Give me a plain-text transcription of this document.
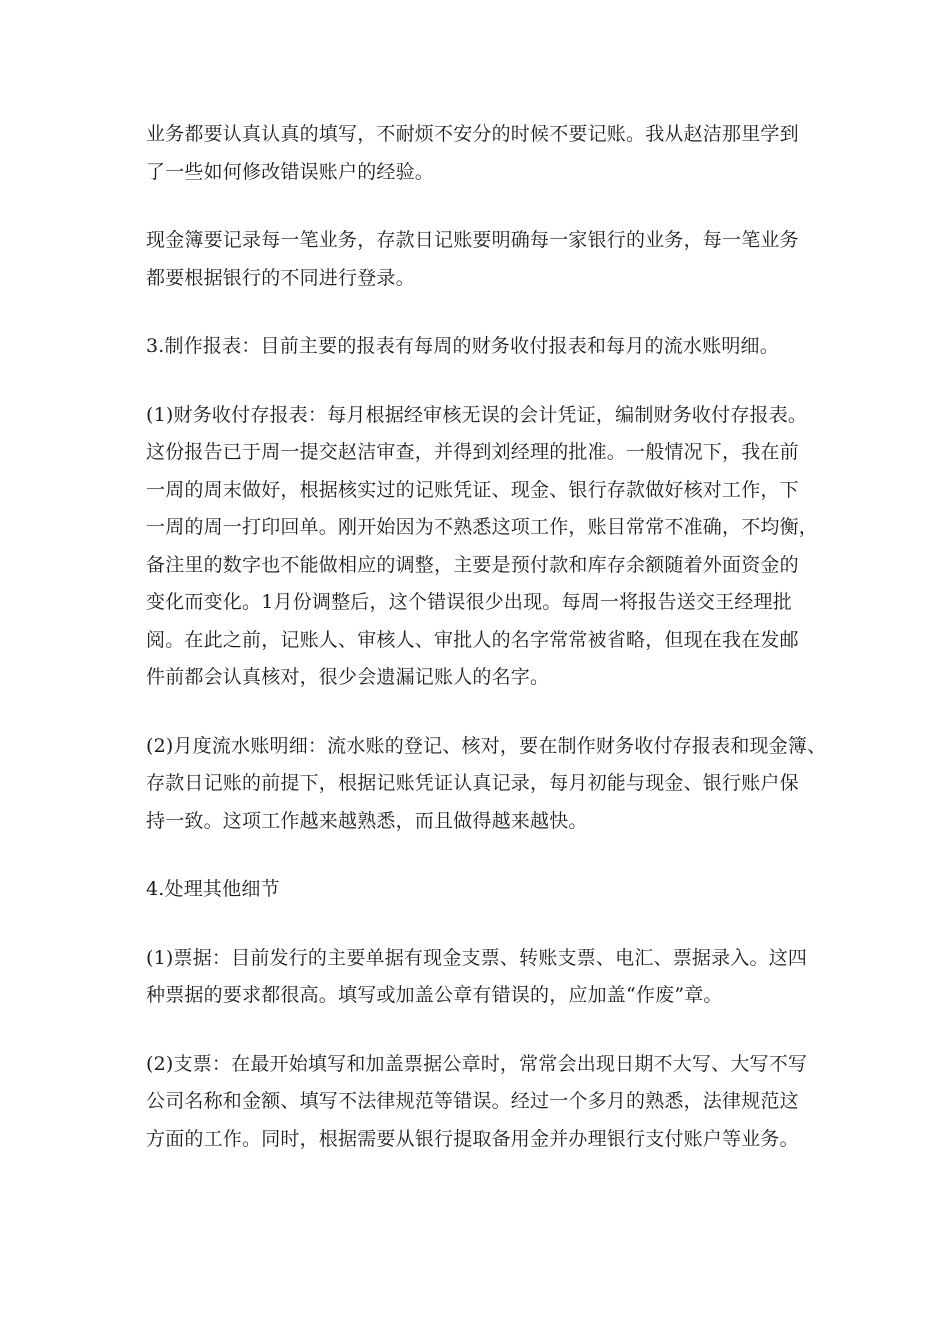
业务都要认真认真的填写，不耐烦不安分的时候不要记账。我从赵洁那里学到
了一些如何修改错误账户的经验。

现金簿要记录每一笔业务，存款日记账要明确每一家银行的业务，每一笔业务
都要根据银行的不同进行登录。

3.制作报表：目前主要的报表有每周的财务收付报表和每月的流水账明细。

(1)财务收付存报表：每月根据经审核无误的会计凭证，编制财务收付存报表。
这份报告已于周一提交赵洁审查，并得到刘经理的批准。一般情况下，我在前
一周的周末做好，根据核实过的记账凭证、现金、银行存款做好核对工作，下
一周的周一打印回单。刚开始因为不熟悉这项工作，账目常常不准确，不均衡，
备注里的数字也不能做相应的调整，主要是预付款和库存余额随着外面资金的
变化而变化。1月份调整后，这个错误很少出现。每周一将报告送交王经理批
阅。在此之前，记账人、审核人、审批人的名字常常被省略，但现在我在发邮
件前都会认真核对，很少会遗漏记账人的名字。

(2)月度流水账明细：流水账的登记、核对，要在制作财务收付存报表和现金簿、
存款日记账的前提下，根据记账凭证认真记录，每月初能与现金、银行账户保
持一致。这项工作越来越熟悉，而且做得越来越快。

4.处理其他细节

(1)票据：目前发行的主要单据有现金支票、转账支票、电汇、票据录入。这四
种票据的要求都很高。填写或加盖公章有错误的，应加盖“作废”章。

(2)支票：在最开始填写和加盖票据公章时，常常会出现日期不大写、大写不写
公司名称和金额、填写不法律规范等错误。经过一个多月的熟悉，法律规范这
方面的工作。同时，根据需要从银行提取备用金并办理银行支付账户等业务。
